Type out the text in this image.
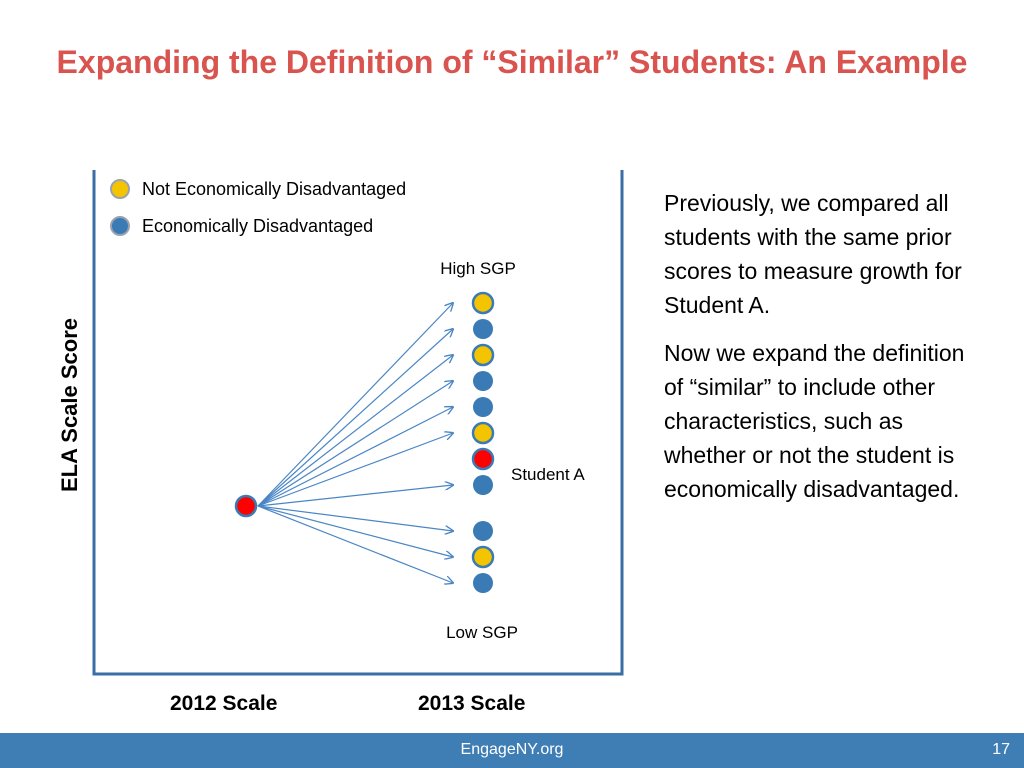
Expanding the Definition of “Similar” Students: An Example
Not Economically Disadvantaged
Economically Disadvantaged
High SGP
Low SGP
Student A
ELA Scale Score
2012 Scale	2013 Scale

Previously, we compared all students with the same prior scores to measure growth for Student A.

Now we expand the definition of “similar” to include other characteristics, such as whether or not the student is economically disadvantaged.

EngageNY.org	17
